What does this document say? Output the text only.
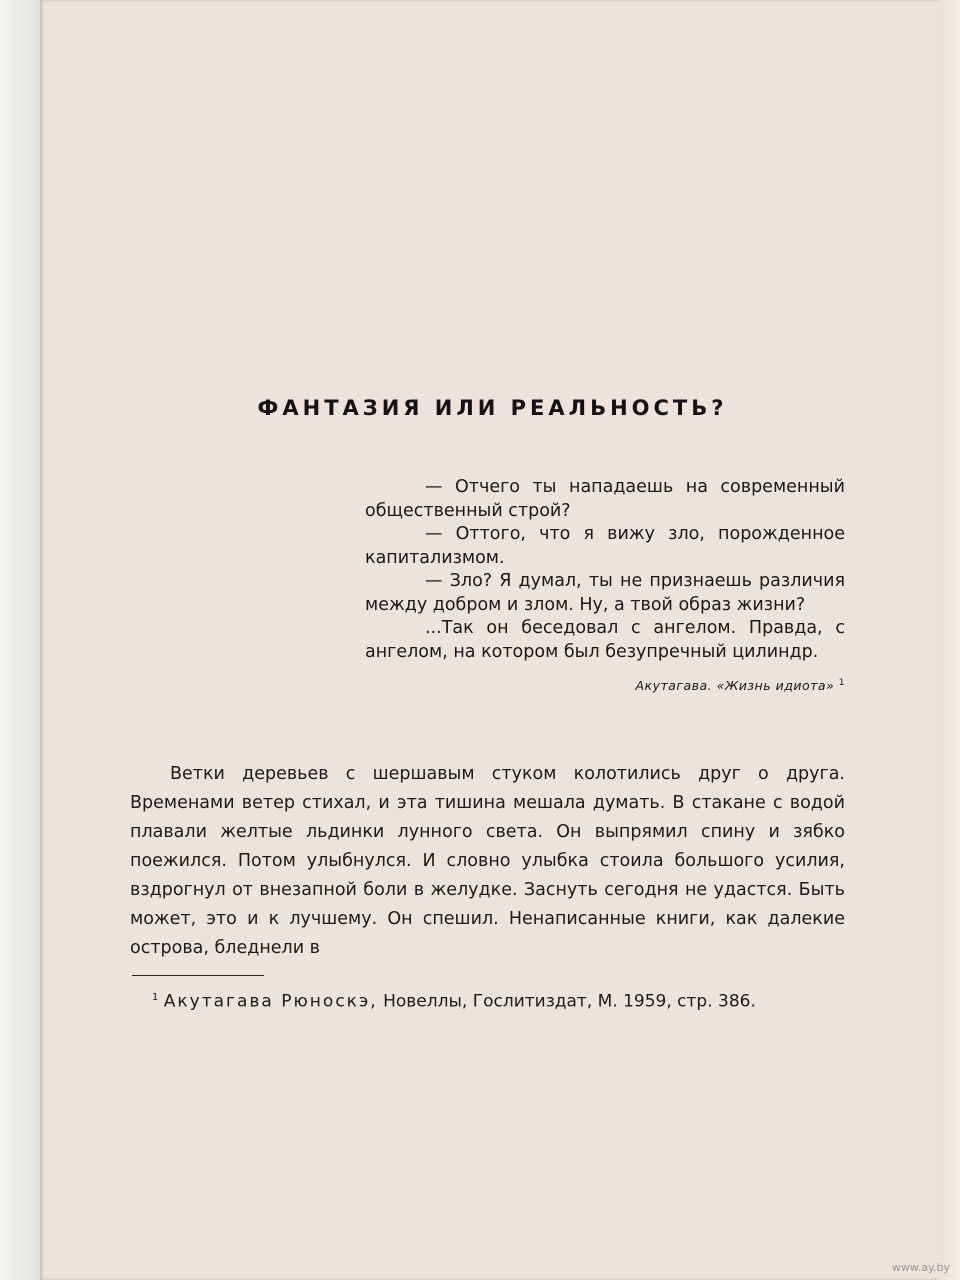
ФАНТАЗИЯ ИЛИ РЕАЛЬНОСТЬ?

— Отчего ты нападаешь на современный общественный строй?

— Оттого, что я вижу зло, порожденное капитализмом.

— Зло? Я думал, ты не признаешь различия между добром и злом. Ну, а твой образ жизни?

...Так он беседовал с ангелом. Правда, с ангелом, на котором был безупречный цилиндр.

Акутагава. «Жизнь идиота» $^1$

Ветки деревьев с шершавым стуком колотились друг о друга. Временами ветер стихал, и эта тишина мешала думать. В стакане с водой плавали желтые льдинки лунного света. Он выпрямил спину и зябко поежился. Потом улыбнулся. И словно улыбка стоила большого усилия, вздрогнул от внезапной боли в желудке. Заснуть сегодня не удастся. Быть может, это и к лучшему. Он спешил. Ненаписанные книги, как далекие острова, бледнели в

$^1$ Акутагава Рюноскэ, Новеллы, Гослитиздат, М. 1959, стр. 386.

www.ay.by
